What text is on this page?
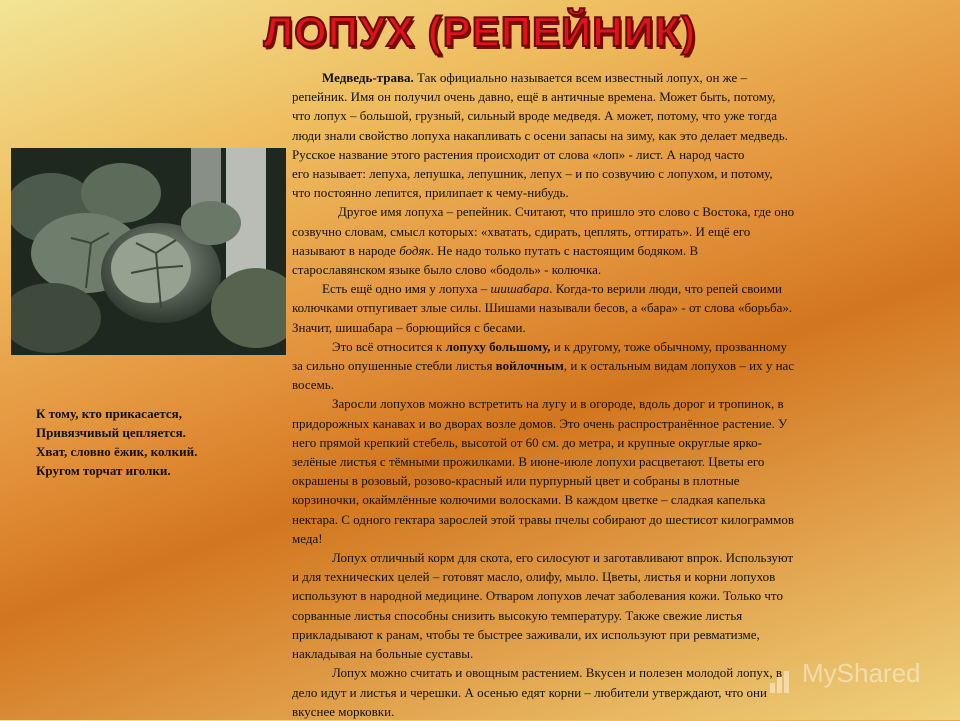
ЛОПУХ (РЕПЕЙНИК)
К тому, кто прикасается,
Привязчивый цепляется.
Хват, словно ёжик, колкий.
Кругом торчат иголки.
Медведь-трава. Так официально называется всем известный лопух, он же –
репейник. Имя он получил очень давно, ещё в античные времена. Может быть, потому,
что лопух – большой, грузный, сильный вроде медведя. А может, потому, что уже тогда
люди знали свойство лопуха накапливать с осени запасы на зиму, как это делает медведь.
Русское название этого растения происходит от слова «лоп» - лист. А народ часто
его называет: лепуха, лепушка, лепушник, лепух – и по созвучию с лопухом, и потому,
что постоянно лепится, прилипает к чему-нибудь.
Другое имя лопуха – репейник. Считают, что пришло это слово с Востока, где оно
созвучно словам, смысл которых: «хватать, сдирать, цеплять, оттирать». И ещё его
называют в народе бодяк. Не надо только путать с настоящим бодяком. В
старославянском языке было слово «бодоль» - колючка.
Есть ещё одно имя у лопуха – шишабара. Когда-то верили люди, что репей своими
колючками отпугивает злые силы. Шишами называли бесов, а «бара» - от слова «борьба».
Значит, шишабара – борющийся с бесами.
Это всё относится к лопуху большому, и к другому, тоже обычному, прозванному
за сильно опушенные стебли листья войлочным, и к остальным видам лопухов – их у нас
восемь.
Заросли лопухов можно встретить на лугу и в огороде, вдоль дорог и тропинок, в
придорожных канавах и во дворах возле домов. Это очень распространённое растение. У
него прямой крепкий стебель, высотой от 60 см. до метра, и крупные округлые ярко-
зелёные листья с тёмными прожилками. В июне-июле лопухи расцветают. Цветы его
окрашены в розовый, розово-красный или пурпурный цвет и собраны в плотные
корзиночки, окаймлённые колючими волосками. В каждом цветке – сладкая капелька
нектара. С одного гектара зарослей этой травы пчелы собирают до шестисот килограммов
меда!
Лопух отличный корм для скота, его силосуют и заготавливают впрок. Используют
и для технических целей – готовят масло, олифу, мыло. Цветы, листья и корни лопухов
используют в народной медицине. Отваром лопухов лечат заболевания кожи. Только что
сорванные листья способны снизить высокую температуру. Также свежие листья
прикладывают к ранам, чтобы те быстрее заживали, их используют при ревматизме,
накладывая на больные суставы.
Лопух можно считать и овощным растением. Вкусен и полезен молодой лопух, в
дело идут и листья и черешки. А осенью едят корни – любители утверждают, что они
вкуснее морковки.
MyShared
